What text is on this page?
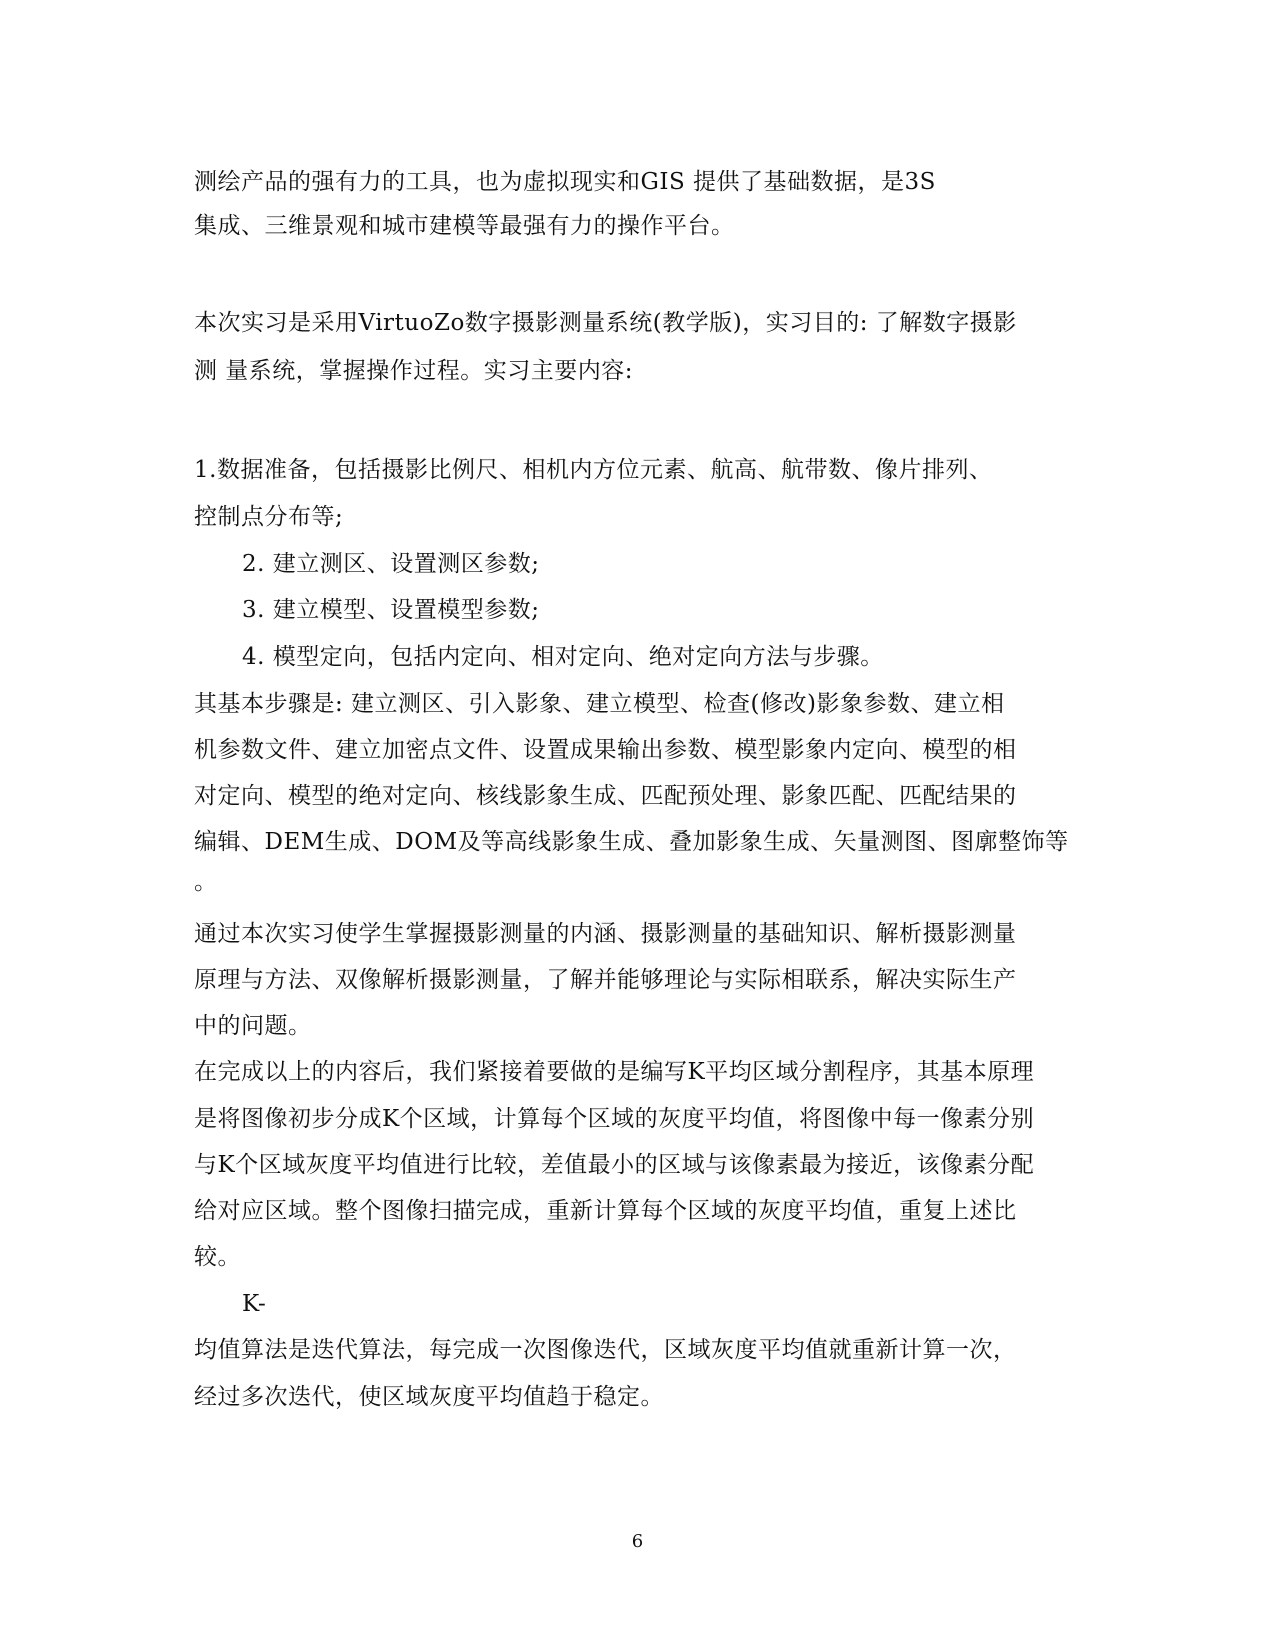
测绘产品的强有力的工具，也为虚拟现实和GIS 提供了基础数据，是3S
集成、三维景观和城市建模等最强有力的操作平台。
本次实习是采用VirtuoZo数字摄影测量系统(教学版)，实习目的: 了解数字摄影
测 量系统，掌握操作过程。实习主要内容:
1.数据准备，包括摄影比例尺、相机内方位元素、航高、航带数、像片排列、
控制点分布等;
2. 建立测区、设置测区参数;
3. 建立模型、设置模型参数;
4. 模型定向，包括内定向、相对定向、绝对定向方法与步骤。
其基本步骤是: 建立测区、引入影象、建立模型、检查(修改)影象参数、建立相
机参数文件、建立加密点文件、设置成果输出参数、模型影象内定向、模型的相
对定向、模型的绝对定向、核线影象生成、匹配预处理、影象匹配、匹配结果的
编辑、DEM生成、DOM及等高线影象生成、叠加影象生成、矢量测图、图廓整饰等
。
通过本次实习使学生掌握摄影测量的内涵、摄影测量的基础知识、解析摄影测量
原理与方法、双像解析摄影测量，了解并能够理论与实际相联系，解决实际生产
中的问题。
在完成以上的内容后，我们紧接着要做的是编写K平均区域分割程序，其基本原理
是将图像初步分成K个区域，计算每个区域的灰度平均值，将图像中每一像素分别
与K个区域灰度平均值进行比较，差值最小的区域与该像素最为接近，该像素分配
给对应区域。整个图像扫描完成，重新计算每个区域的灰度平均值，重复上述比
较。
K-
均值算法是迭代算法，每完成一次图像迭代，区域灰度平均值就重新计算一次，
经过多次迭代，使区域灰度平均值趋于稳定。
6
